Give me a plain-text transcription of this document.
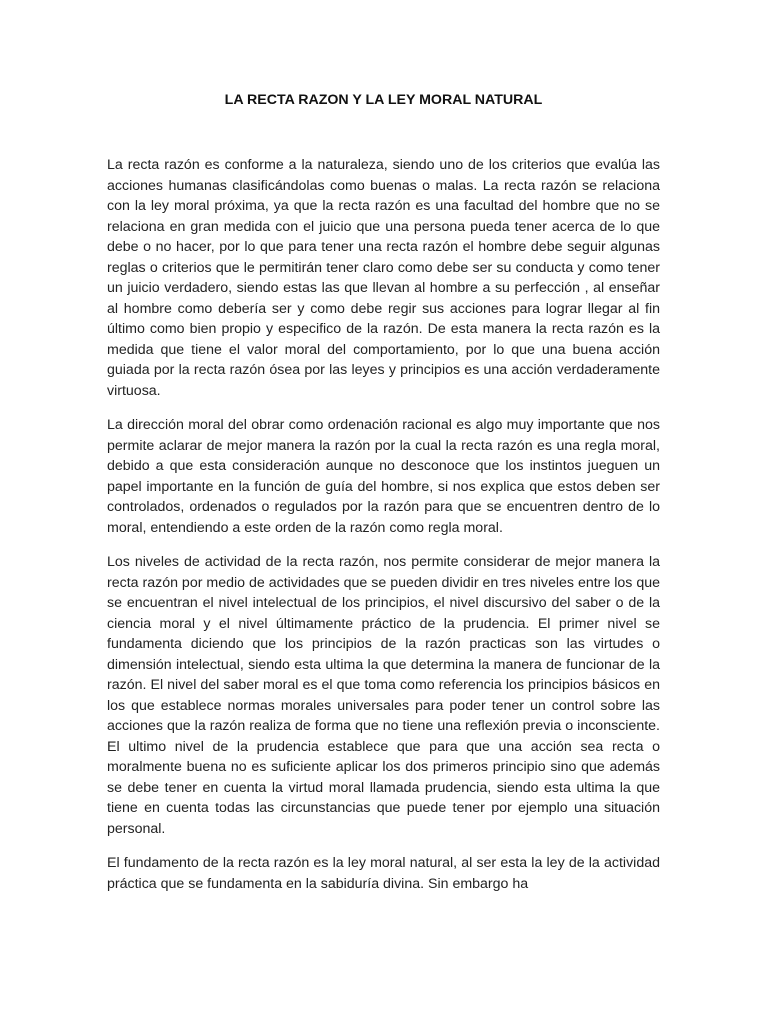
LA RECTA RAZON Y LA LEY MORAL NATURAL

La recta razón es conforme a la naturaleza, siendo uno de los criterios que evalúa las acciones humanas clasificándolas como buenas o malas. La recta razón se relaciona con la ley moral próxima, ya que la recta razón es una facultad del hombre que no se relaciona en gran medida con el juicio que una persona pueda tener acerca de lo que debe o no hacer, por lo que para tener una recta razón el hombre debe seguir algunas reglas o criterios que le permitirán tener claro como debe ser su conducta y como tener un juicio verdadero, siendo estas las que llevan al hombre a su perfección , al enseñar al hombre como debería ser y como debe regir sus acciones para lograr llegar al fin último como bien propio y especifico de la razón. De esta manera la recta razón es la medida que tiene el valor moral del comportamiento, por lo que una buena acción guiada por la recta razón ósea por las leyes y principios es una acción verdaderamente virtuosa.

La dirección moral del obrar como ordenación racional es algo muy importante que nos permite aclarar de mejor manera la razón por la cual la recta razón es una regla moral, debido a que esta consideración aunque no desconoce que los instintos jueguen un papel importante en la función de guía del hombre, si nos explica que estos deben ser controlados, ordenados o regulados por la razón para que se encuentren dentro de lo moral, entendiendo a este orden de la razón como regla moral.

Los niveles de actividad de la recta razón, nos permite considerar de mejor manera la recta razón por medio de actividades que se pueden dividir en tres niveles entre los que se encuentran el nivel intelectual de los principios, el nivel discursivo del saber o de la ciencia moral y el nivel últimamente práctico de la prudencia. El primer nivel se fundamenta diciendo que los principios de la razón practicas son las virtudes o dimensión intelectual, siendo esta ultima la que determina la manera de funcionar de la razón. El nivel del saber moral es el que toma como referencia los principios básicos en los que establece normas morales universales para poder tener un control sobre las acciones que la razón realiza de forma que no tiene una reflexión previa o inconsciente. El ultimo nivel de la prudencia establece que para que una acción sea recta o moralmente buena no es suficiente aplicar los dos primeros principio sino que además se debe tener en cuenta la virtud moral llamada prudencia, siendo esta ultima la que tiene en cuenta todas las circunstancias que puede tener por ejemplo una situación personal.

El fundamento de la recta razón es la ley moral natural, al ser esta la ley de la actividad práctica que se fundamenta en la sabiduría divina. Sin embargo ha
